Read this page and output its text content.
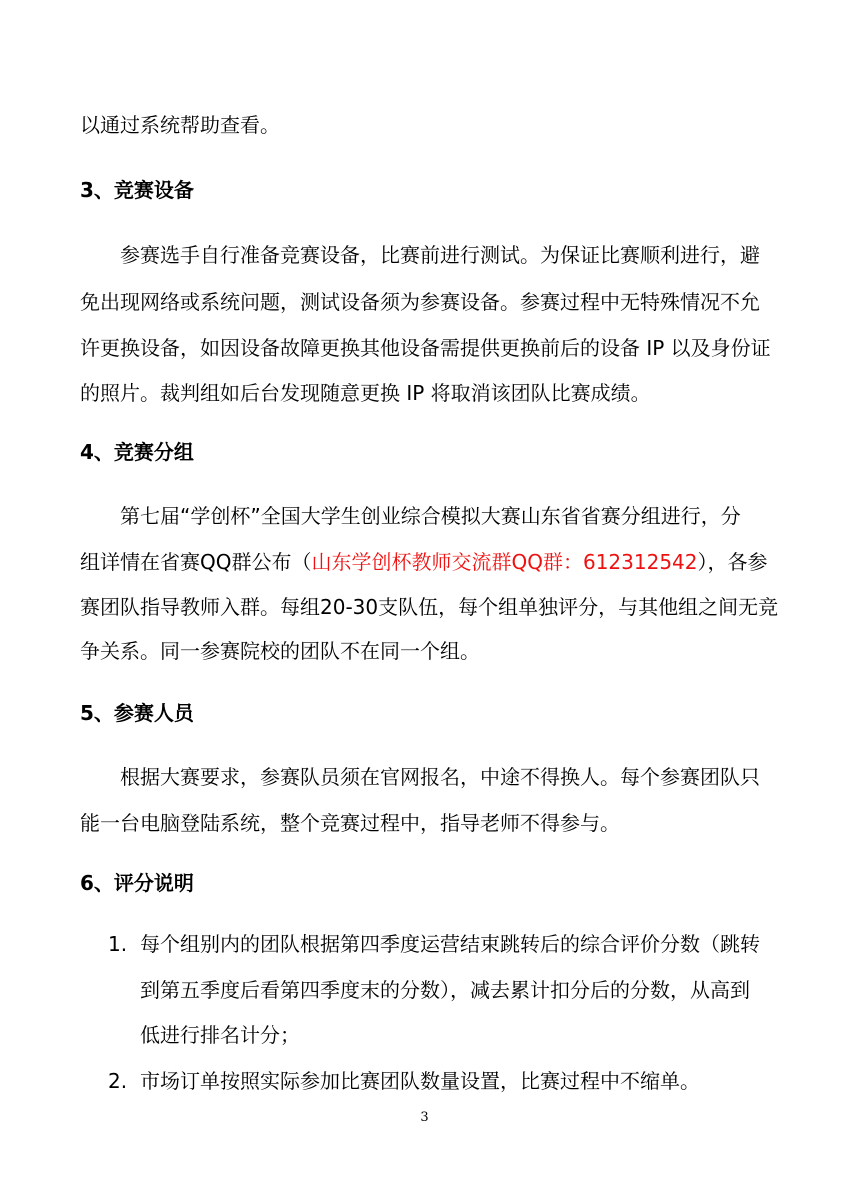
以通过系统帮助查看。
3、竞赛设备
参赛选手自行准备竞赛设备，比赛前进行测试。为保证比赛顺利进行，避
免出现网络或系统问题，测试设备须为参赛设备。参赛过程中无特殊情况不允
许更换设备，如因设备故障更换其他设备需提供更换前后的设备 IP 以及身份证
的照片。裁判组如后台发现随意更换 IP 将取消该团队比赛成绩。
4、竞赛分组
第七届“学创杯”全国大学生创业综合模拟大赛山东省省赛分组进行，分
组详情在省赛QQ群公布（山东学创杯教师交流群QQ群：612312542），各参
赛团队指导教师入群。每组20-30支队伍，每个组单独评分，与其他组之间无竞
争关系。同一参赛院校的团队不在同一个组。
5、参赛人员
根据大赛要求，参赛队员须在官网报名，中途不得换人。每个参赛团队只
能一台电脑登陆系统，整个竞赛过程中，指导老师不得参与。
6、评分说明
1. 每个组别内的团队根据第四季度运营结束跳转后的综合评价分数（跳转
到第五季度后看第四季度末的分数），减去累计扣分后的分数，从高到
低进行排名计分；
2. 市场订单按照实际参加比赛团队数量设置，比赛过程中不缩单。
3
